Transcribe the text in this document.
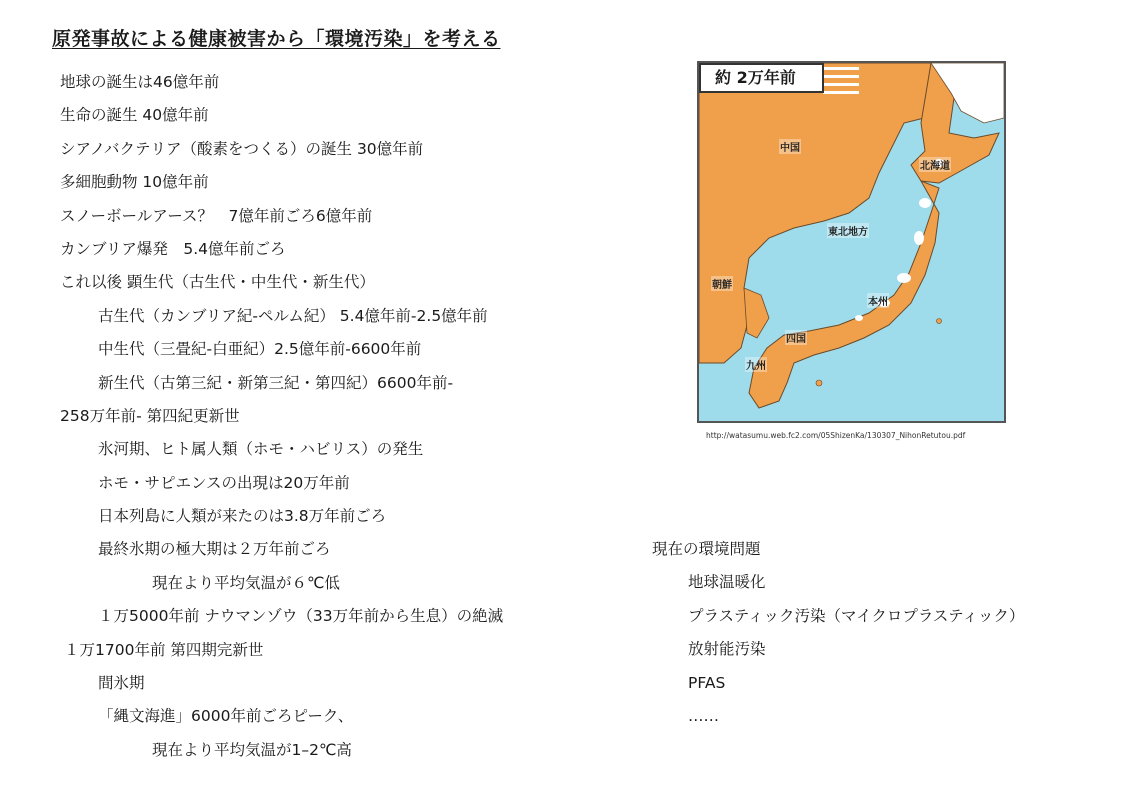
原発事故による健康被害から「環境汚染」を考える
地球の誕生は46億年前
生命の誕生 40億年前
シアノバクテリア（酸素をつくる）の誕生 30億年前
多細胞動物 10億年前
スノーボールアース？　7億年前ごろ6億年前
カンブリア爆発　5.4億年前ごろ
これ以後 顕生代（古生代・中生代・新生代）
古生代（カンブリア紀-ペルム紀） 5.4億年前-2.5億年前
中生代（三畳紀-白亜紀）2.5億年前-6600年前
新生代（古第三紀・新第三紀・第四紀）6600年前-
258万年前- 第四紀更新世
氷河期、ヒト属人類（ホモ・ハビリス）の発生
ホモ・サピエンスの出現は20万年前
日本列島に人類が来たのは3.8万年前ごろ
最終氷期の極大期は２万年前ごろ
現在より平均気温が６℃低
１万5000年前 ナウマンゾウ（33万年前から生息）の絶滅
１万1700年前 第四期完新世
間氷期
「縄文海進」6000年前ごろピーク、
現在より平均気温が1–2℃高
約 2万年前
中国
北海道
東北地方
朝鮮
本州
四国
九州
http://watasumu.web.fc2.com/05ShizenKa/130307_NihonRetutou.pdf
現在の環境問題
地球温暖化
プラスティック汚染（マイクロプラスティック）
放射能汚染
PFAS
……
